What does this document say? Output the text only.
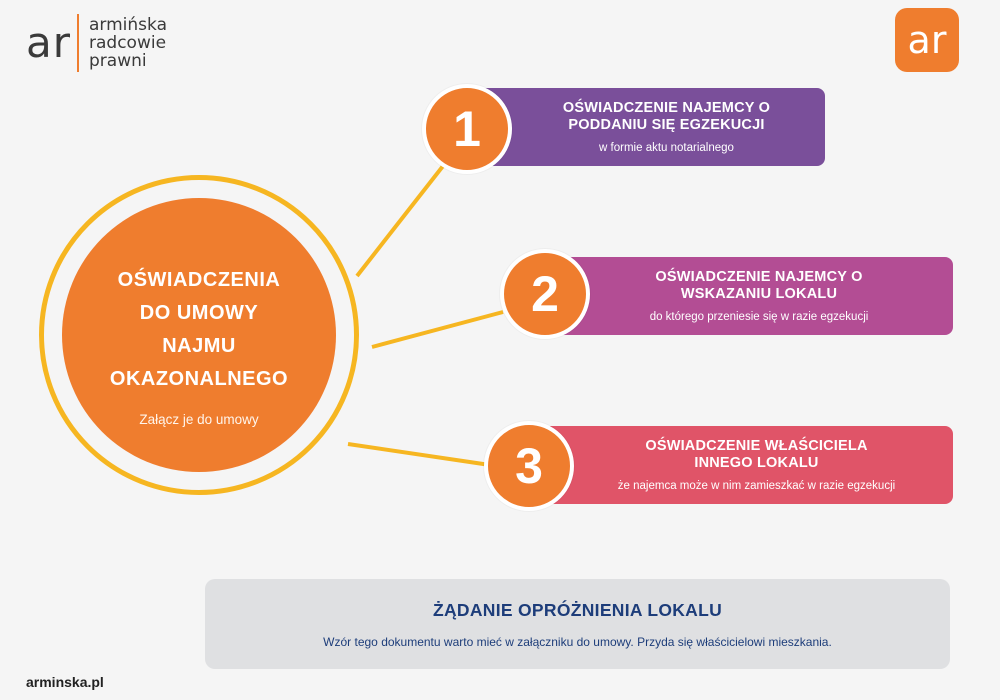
ar armińska
radcowie
prawni	ar
OŚWIADCZENIA
DO UMOWY
NAJMU
OKAZONALNEGO
Załącz je do umowy
OŚWIADCZENIE NAJEMCY O
PODDANIU SIĘ EGZEKUCJI
w formie aktu notarialnego
1
OŚWIADCZENIE NAJEMCY O
WSKAZANIU LOKALU
do którego przeniesie się w razie egzekucji
2
OŚWIADCZENIE WŁAŚCICIELA
INNEGO LOKALU
że najemca może w nim zamieszkać w razie egzekucji
3
ŻĄDANIE OPRÓŻNIENIA LOKALU
Wzór tego dokumentu warto mieć w załączniku do umowy. Przyda się właścicielowi mieszkania.
arminska.pl
